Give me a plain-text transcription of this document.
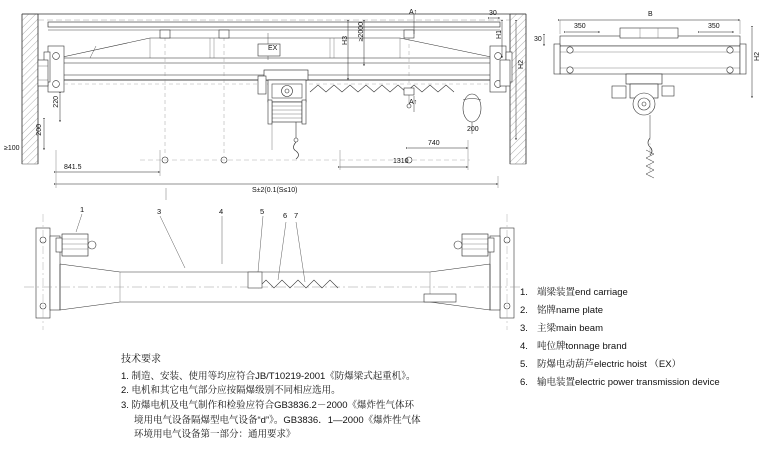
EX
841.5
S±2(0.1(S≤10)
1310
740
200
220
≥100
H1
H3 ≥2000
H2
30
A↑
A↑
200
B
350	350
H2
30
1	3	4	5	6 7
技术要求
1. 制造、安装、使用等均应符合JB/T10219-2001《防爆梁式起重机》。
2. 电机和其它电气部分应按隔爆级别不同相应选用。
3. 防爆电机及电气制作和检验应符合GB3836.2－2000《爆炸性气体环境用电气设备隔爆型电气设备“d”》。GB3836．1—2000《爆炸性气体环境用电气设备第一部分：通用要求》
1. 端梁装置end carriage
2. 铭牌name plate
3. 主梁main beam
4. 吨位牌tonnage brand
5. 防爆电动葫芦electric hoist （EX）
6. 输电装置electric power transmission device
